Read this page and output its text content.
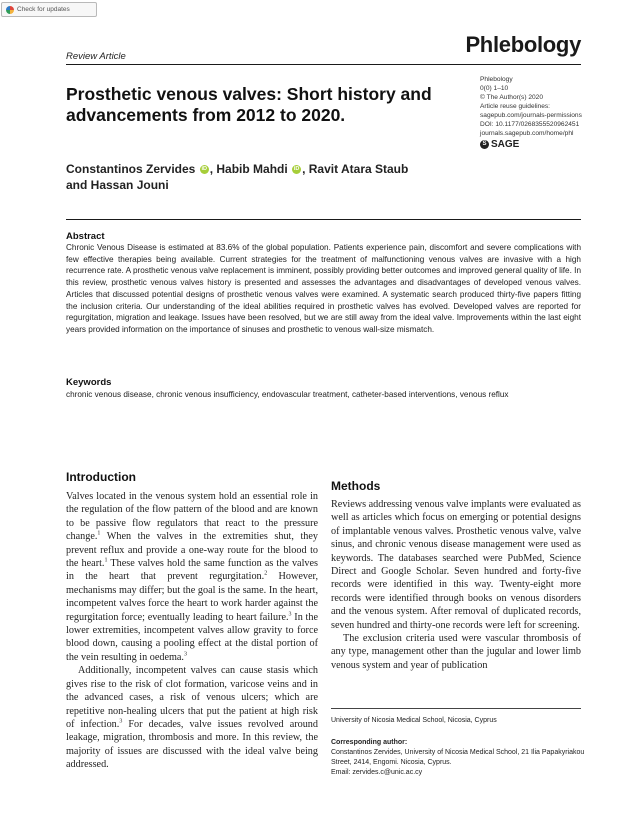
Check for updates
Review Article	Phlebology
Phlebology
0(0) 1–10
© The Author(s) 2020
Article reuse guidelines:
sagepub.com/journals-permissions
DOI: 10.1177/0268355520962451
journals.sagepub.com/home/phl
S SAGE
Prosthetic venous valves: Short history and advancements from 2012 to 2020.
Constantinos Zervides iD , Habib Mahdi iD , Ravit Atara Staub
and Hassan Jouni
Abstract
Chronic Venous Disease is estimated at 83.6% of the global population. Patients experience pain, discomfort and severe complications with few effective therapies being available. Current strategies for the treatment of malfunctioning venous valves are invasive with a high recurrence rate. A prosthetic venous valve replacement is imminent, possibly providing better outcomes and improved general quality of life. In this review, prosthetic venous valves history is presented and assesses the advantages and disadvantages of developed venous valves. Articles that discussed potential designs of prosthetic venous valves were examined. A systematic search produced thirty-five papers fitting the inclusion criteria. Our understanding of the ideal abilities required in prosthetic valves has evolved. Developed valves are reported for regurgitation, migration and leakage. Issues have been resolved, but we are still away from the ideal valve. Improvements within the last eight years provided information on the importance of sinuses and prosthetic to venous wall-size mismatch.
Keywords
chronic venous disease, chronic venous insufficiency, endovascular treatment, catheter-based interventions, venous reflux
Introduction

Valves located in the venous system hold an essential role in the regulation of the flow pattern of the blood and are known to be passive flow regulators that react to the pressure change.$^1$ When the valves in the extremities shut, they prevent reflux and provide a one-way route for the blood to the heart.$^1$ These valves hold the same function as the valves in the heart that prevent regurgitation.$^2$ However, mechanisms may differ; but the goal is the same. In the heart, incompetent valves force the heart to work harder against the regurgitation force; eventually leading to heart failure.$^3$ In the lower extremities, incompetent valves allow gravity to force blood down, causing a pooling effect at the distal portion of the vein resulting in oedema.$^3$

Additionally, incompetent valves can cause stasis which gives rise to the risk of clot formation, varicose veins and in the advanced cases, a risk of venous ulcers; which are repetitive non-healing ulcers that put the patient at high risk of infection.$^3$ For decades, valve issues revolved around leakage, migration, thrombosis and more. In this review, the majority of issues are discussed with the ideal valve being addressed.

Methods

Reviews addressing venous valve implants were evaluated as well as articles which focus on emerging or potential designs of implantable venous valves. Prosthetic venous valve, valve sinus, and chronic venous disease management were used as keywords. The databases searched were PubMed, Science Direct and Google Scholar. Seven hundred and forty-five records were identified in this way. Twenty-eight more records were identified through books on venous disorders and the venous system. After removal of duplicated records, seven hundred and thirty-one records were left for screening.

The exclusion criteria used were vascular thrombosis of any type, management other than the jugular and lower limb venous system and year of publication

University of Nicosia Medical School, Nicosia, Cyprus
Corresponding author:
Constantinos Zervides, University of Nicosia Medical School, 21 Ilia Papakyriakou Street, 2414, Engomi. Nicosia, Cyprus.
Email: zervides.c@unic.ac.cy
